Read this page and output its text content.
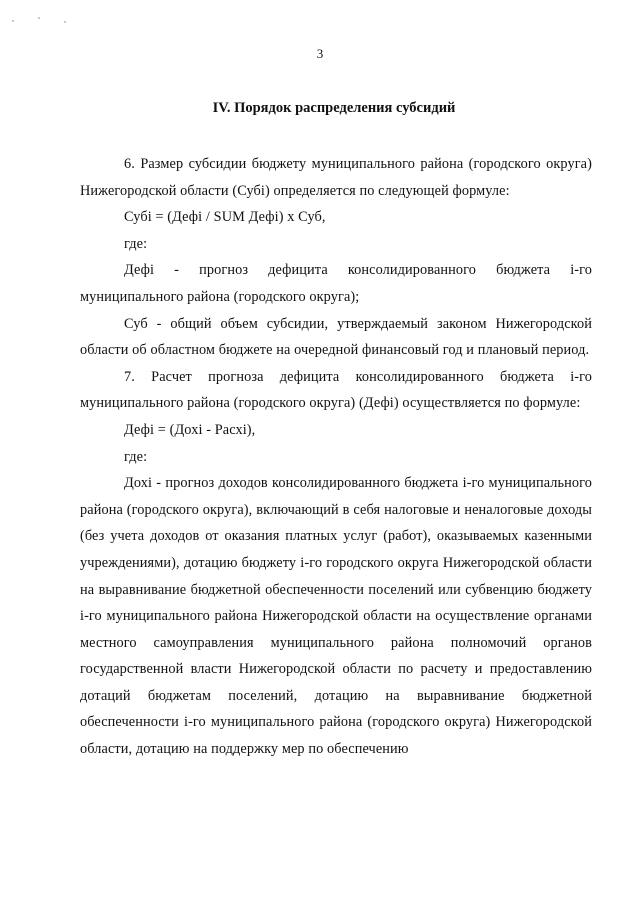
3
IV. Порядок распределения субсидий

6. Размер субсидии бюджету муниципального района (городского округа) Нижегородской области (Субі) определяется по следующей формуле:

Субі = (Дефі / SUM Дефі) х Суб,

где:

Дефі - прогноз дефицита консолидированного бюджета і-го муниципального района (городского округа);

Суб - общий объем субсидии, утверждаемый законом Нижегородской области об областном бюджете на очередной финансовый год и плановый период.

7. Расчет прогноза дефицита консолидированного бюджета і-го муниципального района (городского округа) (Дефі) осуществляется по формуле:

Дефі = (Дохі - Расхі),

где:

Дохі - прогноз доходов консолидированного бюджета і-го муниципального района (городского округа), включающий в себя налоговые и неналоговые доходы (без учета доходов от оказания платных услуг (работ), оказываемых казенными учреждениями), дотацию бюджету і-го городского округа Нижегородской области на выравнивание бюджетной обеспеченности поселений или субвенцию бюджету і-го муниципального района Нижегородской области на осуществление органами местного самоуправления муниципального района полномочий органов государственной власти Нижегородской области по расчету и предоставлению дотаций бюджетам поселений, дотацию на выравнивание бюджетной обеспеченности і-го муниципального района (городского округа) Нижегородской области, дотацию на поддержку мер по обеспечению
